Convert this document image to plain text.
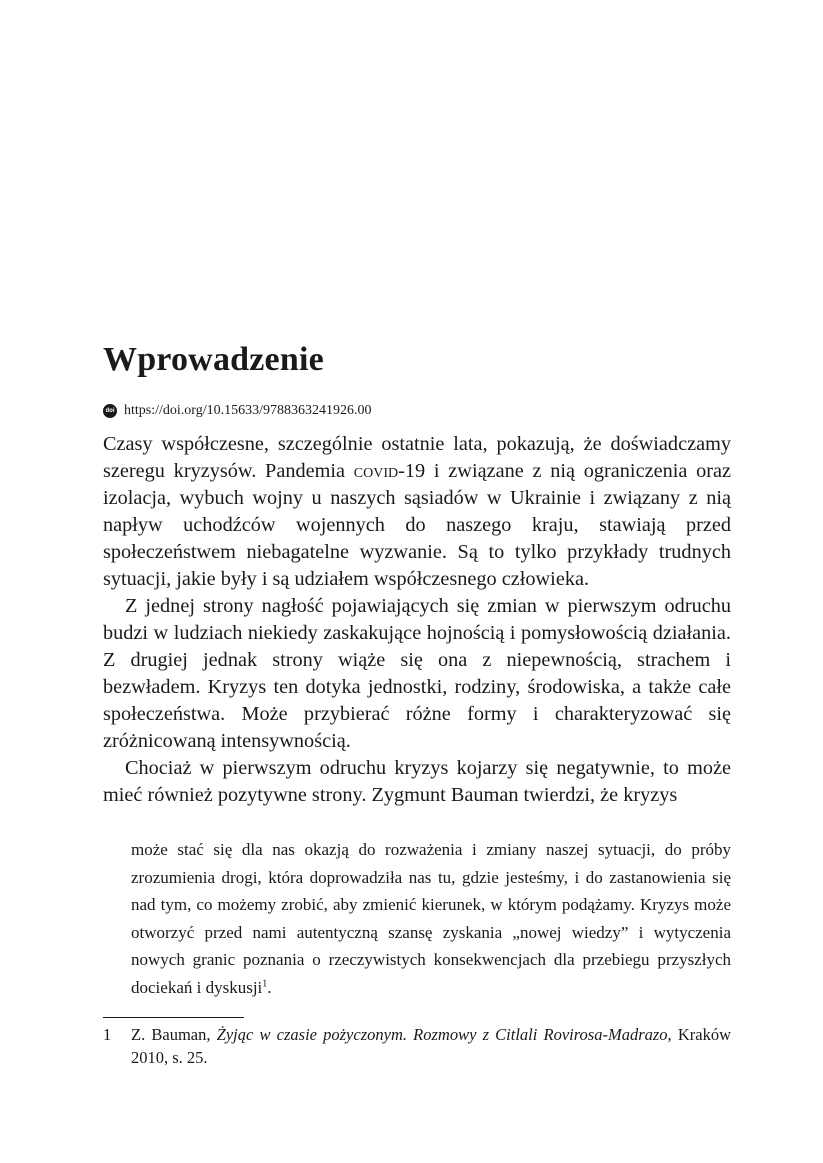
Wprowadzenie
doi https://doi.org/10.15633/9788363241926.00

Czasy współczesne, szczególnie ostatnie lata, pokazują, że doświadczamy szeregu kryzysów. Pandemia covid-19 i związane z nią ograniczenia oraz izolacja, wybuch wojny u naszych sąsiadów w Ukrainie i związany z nią napływ uchodźców wojennych do naszego kraju, stawiają przed społeczeństwem niebagatelne wyzwanie. Są to tylko przykłady trudnych sytuacji, jakie były i są udziałem współczesnego człowieka.

Z jednej strony nagłość pojawiających się zmian w pierwszym odruchu budzi w ludziach niekiedy zaskakujące hojnością i pomysłowością działania. Z drugiej jednak strony wiąże się ona z niepewnością, strachem i bezwładem. Kryzys ten dotyka jednostki, rodziny, środowiska, a także całe społeczeństwa. Może przybierać różne formy i charakteryzować się zróżnicowaną intensywnością.

Chociaż w pierwszym odruchu kryzys kojarzy się negatywnie, to może mieć również pozytywne strony. Zygmunt Bauman twierdzi, że kryzys

może stać się dla nas okazją do rozważenia i zmiany naszej sytuacji, do próby zrozumienia drogi, która doprowadziła nas tu, gdzie jesteśmy, i do zastanowienia się nad tym, co możemy zrobić, aby zmienić kierunek, w którym podążamy. Kryzys może otworzyć przed nami autentyczną szansę zyskania „nowej wiedzy” i wytyczenia nowych granic poznania o rzeczywistych konsekwencjach dla przebiegu przyszłych dociekań i dyskusji$^1$.

1 Z. Bauman, Żyjąc w czasie pożyczonym. Rozmowy z Citlali Rovirosa-Madrazo, Kraków 2010, s. 25.
